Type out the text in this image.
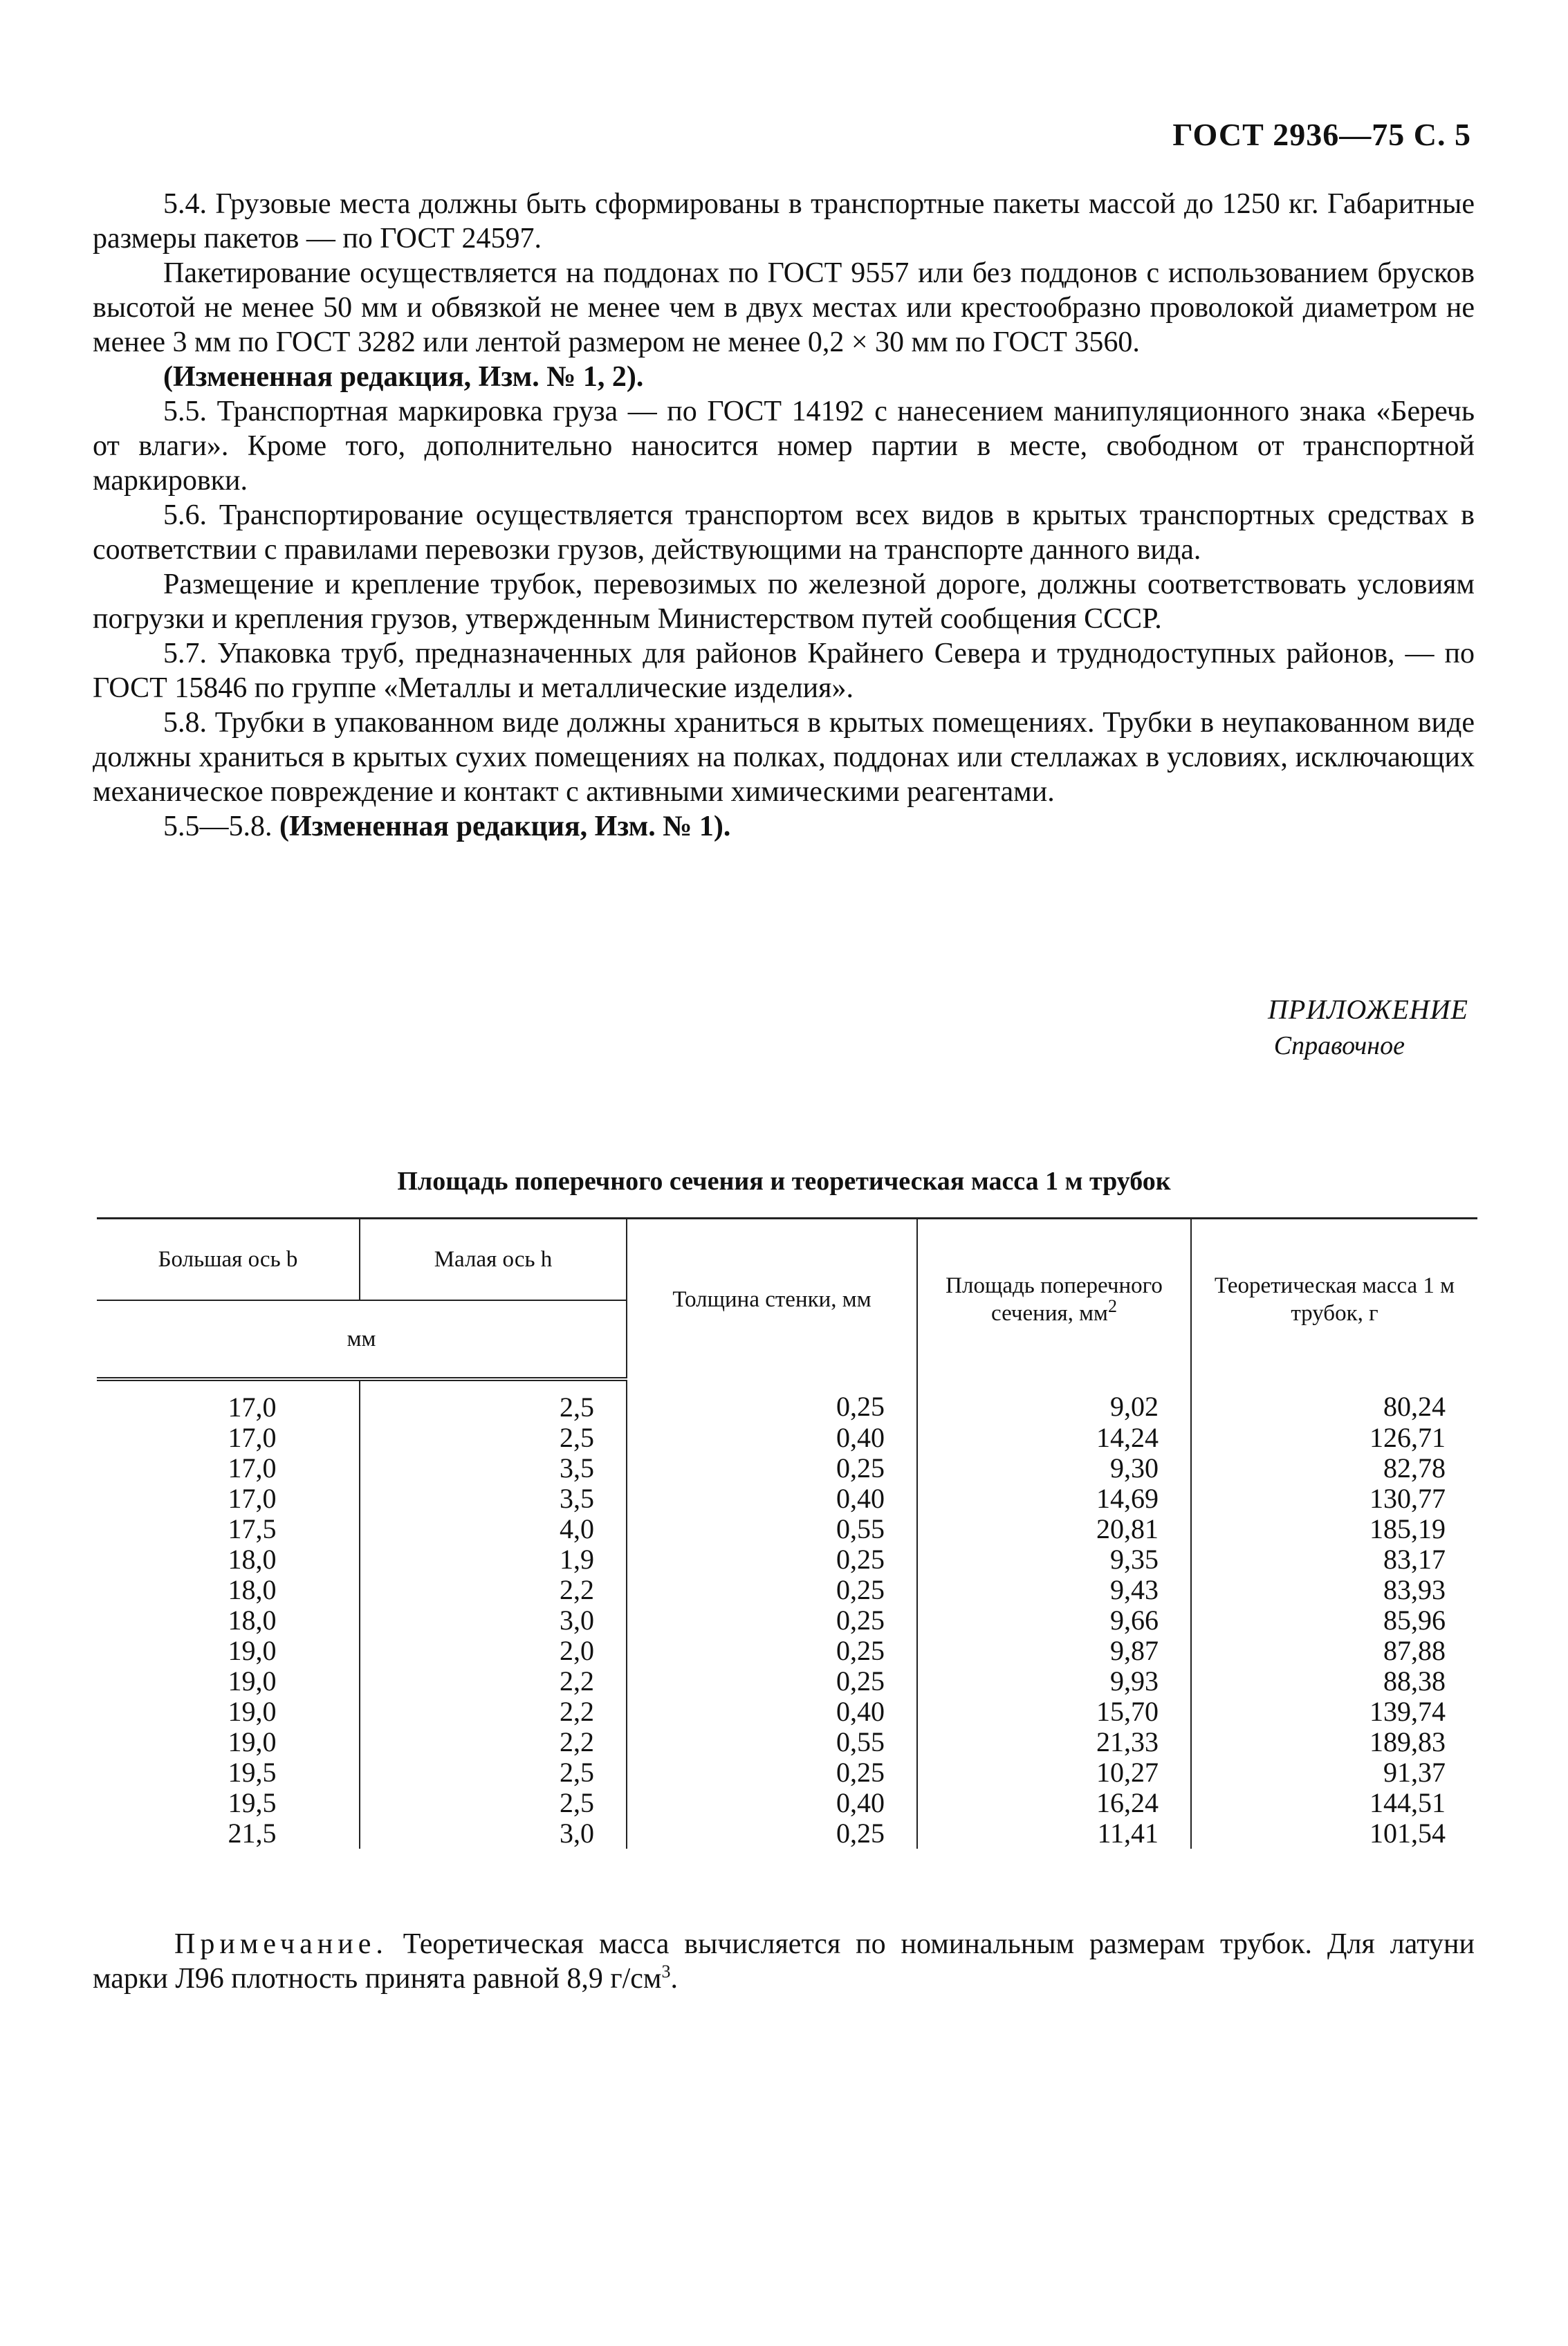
ГОСТ 2936—75 С. 5

5.4. Грузовые места должны быть сформированы в транспортные пакеты массой до 1250 кг. Габаритные размеры пакетов — по ГОСТ 24597.

Пакетирование осуществляется на поддонах по ГОСТ 9557 или без поддонов с использованием брусков высотой не менее 50 мм и обвязкой не менее чем в двух местах или крестообразно проволокой диаметром не менее 3 мм по ГОСТ 3282 или лентой размером не менее 0,2 × 30 мм по ГОСТ 3560.

(Измененная редакция, Изм. № 1, 2).

5.5. Транспортная маркировка груза — по ГОСТ 14192 с нанесением манипуляционного знака «Беречь от влаги». Кроме того, дополнительно наносится номер партии в месте, свободном от транспортной маркировки.

5.6. Транспортирование осуществляется транспортом всех видов в крытых транспортных средствах в соответствии с правилами перевозки грузов, действующими на транспорте данного вида.

Размещение и крепление трубок, перевозимых по железной дороге, должны соответствовать условиям погрузки и крепления грузов, утвержденным Министерством путей сообщения СССР.

5.7. Упаковка труб, предназначенных для районов Крайнего Севера и труднодоступных районов, — по ГОСТ 15846 по группе «Металлы и металлические изделия».

5.8. Трубки в упакованном виде должны храниться в крытых помещениях. Трубки в неупакованном виде должны храниться в крытых сухих помещениях на полках, поддонах или стеллажах в условиях, исключающих механическое повреждение и контакт с активными химическими реагентами.

5.5—5.8. (Измененная редакция, Изм. № 1).

ПРИЛОЖЕНИЕ
Справочное
Площадь поперечного сечения и теоретическая масса 1 м трубок
Большая ось b	Малая ось h	Толщина стенки, мм	Площадь поперечного сечения, $мм^2$	Теоретическая масса 1 м трубок, г
мм				
17,0	2,5	0,25	9,02	80,24
17,0	2,5	0,40	14,24	126,71
17,0	3,5	0,25	9,30	82,78
17,0	3,5	0,40	14,69	130,77
17,5	4,0	0,55	20,81	185,19
18,0	1,9	0,25	9,35	83,17
18,0	2,2	0,25	9,43	83,93
18,0	3,0	0,25	9,66	85,96
19,0	2,0	0,25	9,87	87,88
19,0	2,2	0,25	9,93	88,38
19,0	2,2	0,40	15,70	139,74
19,0	2,2	0,55	21,33	189,83
19,5	2,5	0,25	10,27	91,37
19,5	2,5	0,40	16,24	144,51
21,5	3,0	0,25	11,41	101,54
Примечание. Теоретическая масса вычисляется по номинальным размерам трубок. Для латуни марки Л96 плотность принята равной 8,9 $г/см^3$.
